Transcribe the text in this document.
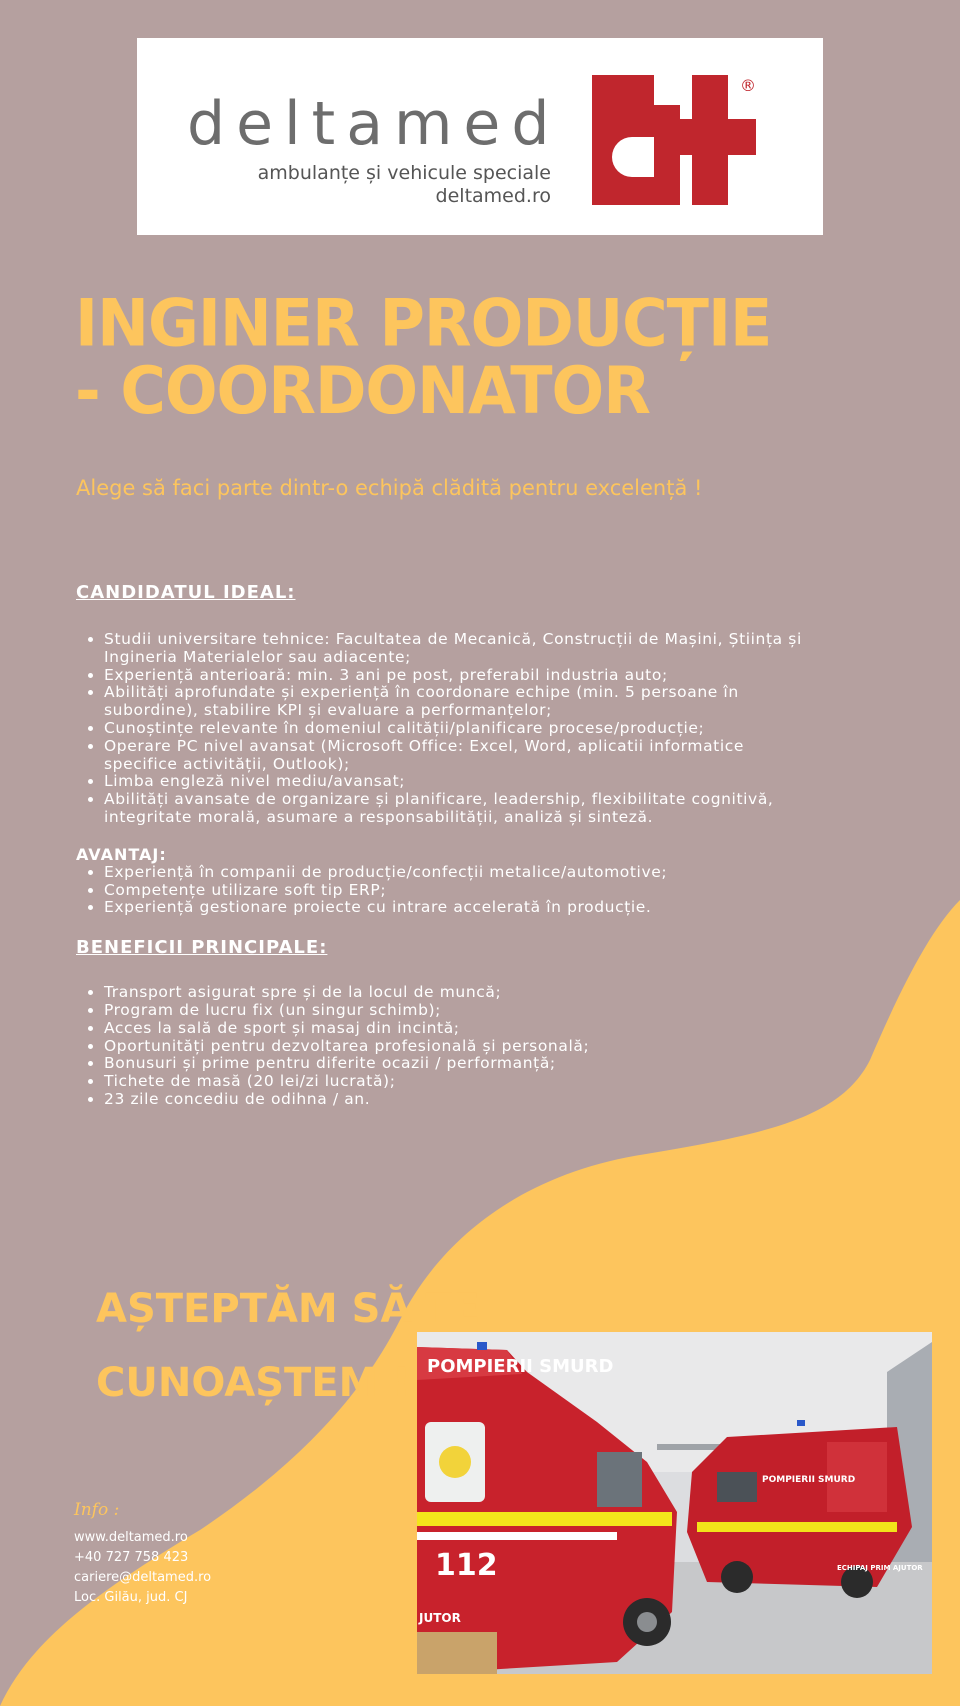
deltamed
ambulanțe și vehicule speciale
deltamed.ro
®
INGINER PRODUCȚIE - COORDONATOR
Alege să faci parte dintr-o echipă clădită pentru excelență !

CANDIDATUL IDEAL:

• Studii universitare tehnice: Facultatea de Mecanică, Construcții de Mașini, Știința și Ingineria Materialelor sau adiacente;
• Experiență anterioară: min. 3 ani pe post, preferabil industria auto;
• Abilități aprofundate și experiență în coordonare echipe (min. 5 persoane în subordine), stabilire KPI și evaluare a performanțelor;
• Cunoștințe relevante în domeniul calității/planificare procese/producție;
• Operare PC nivel avansat (Microsoft Office: Excel, Word, aplicatii informatice specifice activității, Outlook);
• Limba engleză nivel mediu/avansat;
• Abilități avansate de organizare și planificare, leadership, flexibilitate cognitivă, integritate morală, asumare a responsabilității, analiză și sinteză.

AVANTAJ:

• Experiență în companii de producție/confecții metalice/automotive;
• Competențe utilizare soft tip ERP;
• Experiență gestionare proiecte cu intrare accelerată în producție.

BENEFICII PRINCIPALE:

• Transport asigurat spre și de la locul de muncă;
• Program de lucru fix (un singur schimb);
• Acces la sală de sport și masaj din incintă;
• Oportunități pentru dezvoltarea profesională și personală;
• Bonusuri și prime pentru diferite ocazii / performanță;
• Tichete de masă (20 lei/zi lucrată);
• 23 zile concediu de odihna / an.
AȘTEPTĂM SĂ TE
CUNOAȘTEM !
Info :
www.deltamed.ro
+40 727 758 423
cariere@deltamed.ro
Loc. Gilău, jud. CJ
POMPIERII SMURD
ECHIPAJ PRIM AJUTOR
POMPIERII SMURD
112
JUTOR
